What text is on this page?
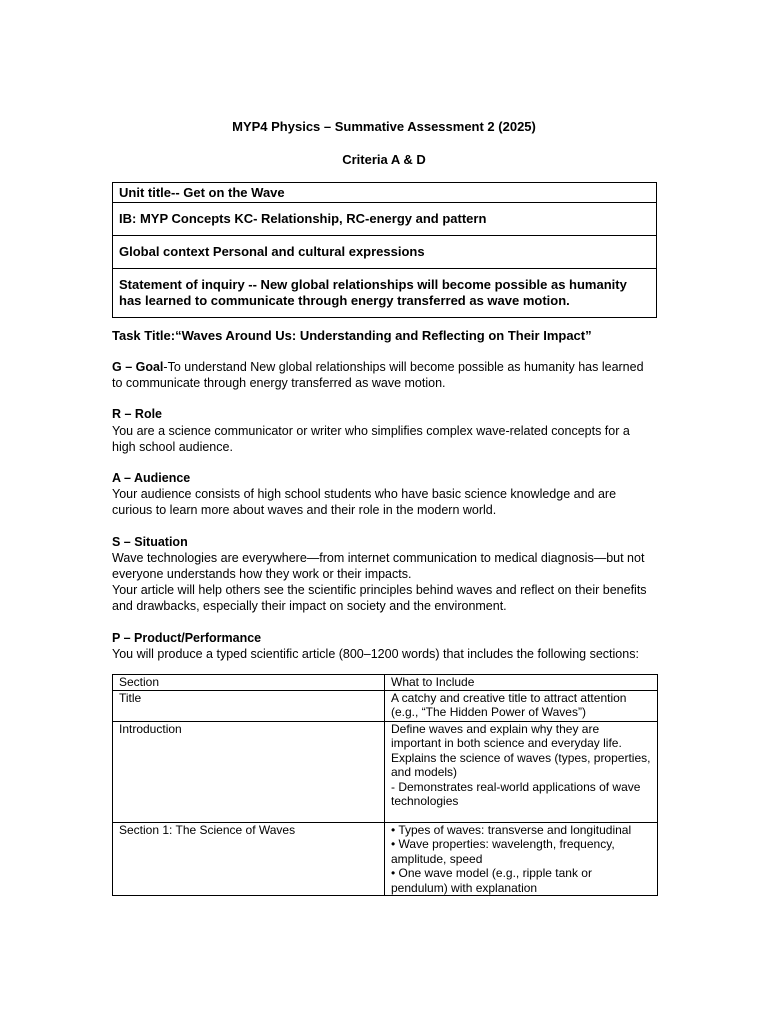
MYP4 Physics – Summative Assessment 2 (2025)

Criteria A & D

Unit title-- Get on the Wave
IB: MYP Concepts KC- Relationship, RC-energy and pattern
Global context Personal and cultural expressions
Statement of inquiry -- New global relationships will become possible as humanity has learned to communicate through energy transferred as wave motion.

Task Title:“Waves Around Us: Understanding and Reflecting on Their Impact”

G – Goal-To understand New global relationships will become possible as humanity has learned to communicate through energy transferred as wave motion.

R – Role

You are a science communicator or writer who simplifies complex wave-related concepts for a high school audience.

A – Audience

Your audience consists of high school students who have basic science knowledge and are curious to learn more about waves and their role in the modern world.

S – Situation

Wave technologies are everywhere—from internet communication to medical diagnosis—but not everyone understands how they work or their impacts.

Your article will help others see the scientific principles behind waves and reflect on their benefits and drawbacks, especially their impact on society and the environment.

P – Product/Performance

You will produce a typed scientific article (800–1200 words) that includes the following sections:

Section	What to Include
Title	A catchy and creative title to attract attention (e.g., “The Hidden Power of Waves”)

Introduction	Define waves and explain why they are important in both science and everyday life.
Explains the science of waves (types, properties, and models)
- Demonstrates real-world applications of wave technologies

Section 1: The Science of Waves	• Types of waves: transverse and longitudinal
• Wave properties: wavelength, frequency, amplitude, speed
• One wave model (e.g., ripple tank or pendulum) with explanation
